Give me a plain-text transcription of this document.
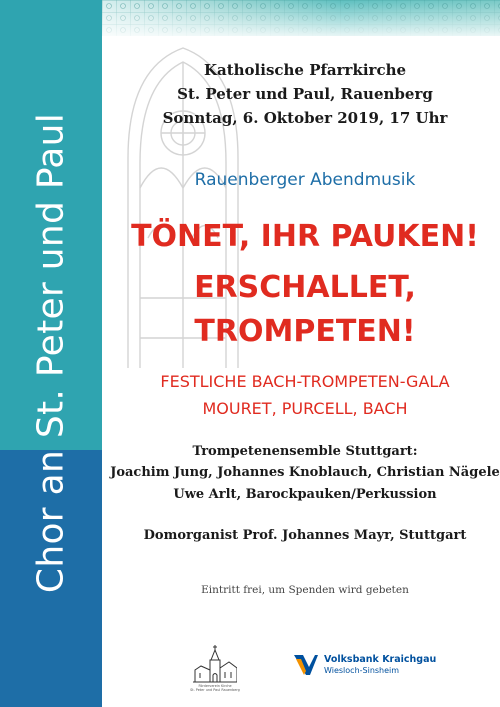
Chor an St. Peter und Paul
Katholische Pfarrkirche
St. Peter und Paul, Rauenberg
Sonntag, 6. Oktober 2019, 17 Uhr
Rauenberger Abendmusik
TÖNET, IHR PAUKEN!
ERSCHALLET,
TROMPETEN!
FESTLICHE BACH-TROMPETEN-GALA
MOURET, PURCELL, BACH
Trompetenensemble Stuttgart:
Joachim Jung, Johannes Knoblauch, Christian Nägele
Uwe Arlt, Barockpauken/Perkussion
Domorganist Prof. Johannes Mayr, Stuttgart
Eintritt frei, um Spenden wird gebeten
Förderverein Kirche
St. Peter und Paul Rauenberg
Volksbank Kraichgau
Wiesloch-Sinsheim
